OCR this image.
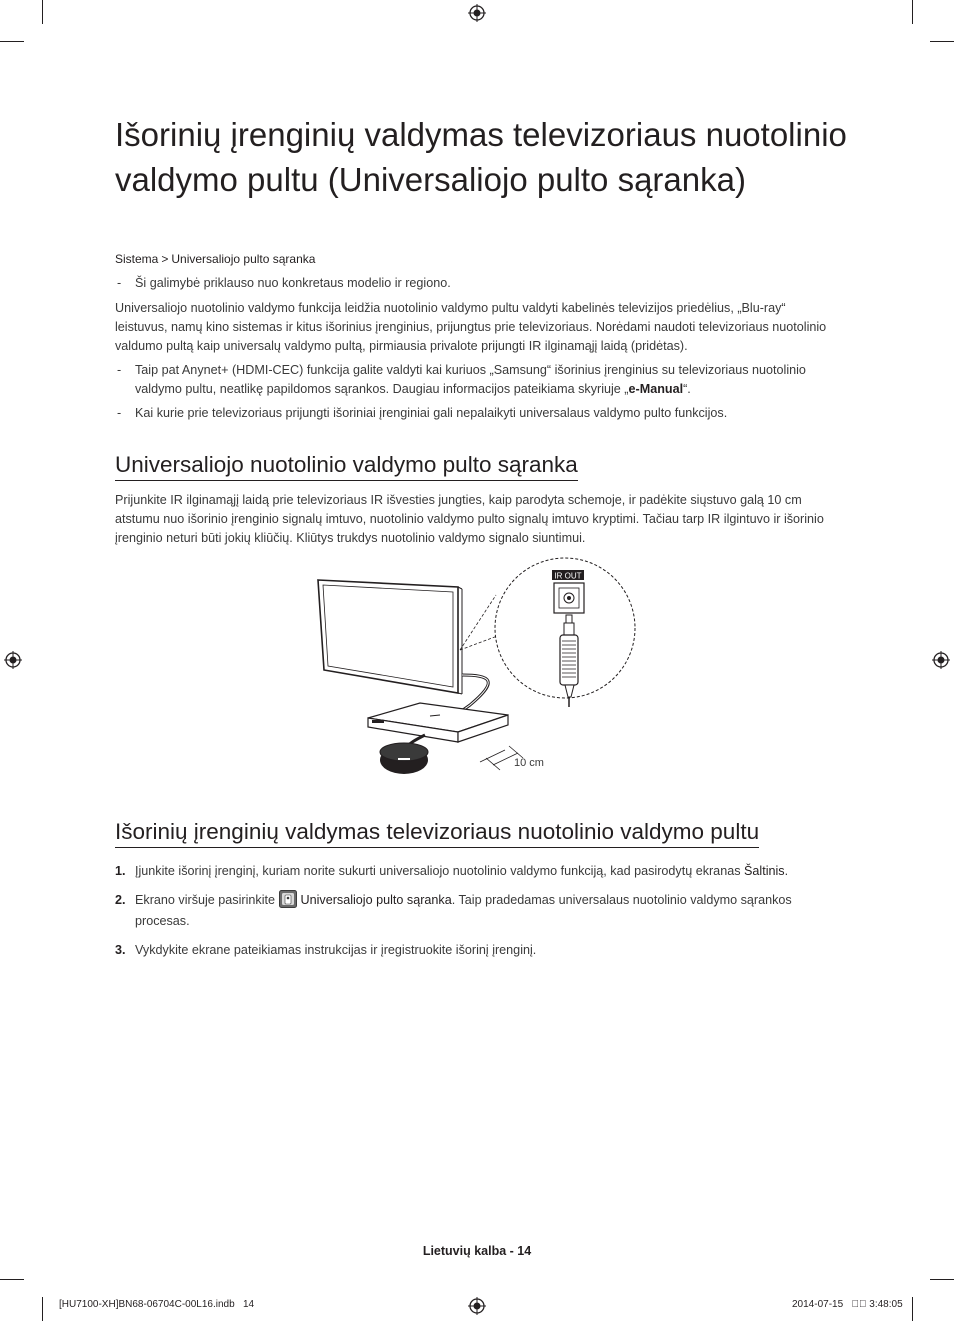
Išorinių įrenginių valdymas televizoriaus nuotolinio valdymo pultu (Universaliojo pulto sąranka)
Sistema > Universaliojo pulto sąranka
- Ši galimybė priklauso nuo konkretaus modelio ir regiono.
Universaliojo nuotolinio valdymo funkcija leidžia nuotolinio valdymo pultu valdyti kabelinės televizijos priedėlius, „Blu-ray“ leistuvus, namų kino sistemas ir kitus išorinius įrenginius, prijungtus prie televizoriaus. Norėdami naudoti televizoriaus nuotolinio valdumo pultą kaip universalų valdymo pultą, pirmiausia privalote prijungti IR ilginamąjį laidą (pridėtas).
- Taip pat Anynet+ (HDMI-CEC) funkcija galite valdyti kai kuriuos „Samsung“ išorinius įrenginius su televizoriaus nuotolinio valdymo pultu, neatlikę papildomos sąrankos. Daugiau informacijos pateikiama skyriuje „e-Manual“.
- Kai kurie prie televizoriaus prijungti išoriniai įrenginiai gali nepalaikyti universalaus valdymo pulto funkcijos.
Universaliojo nuotolinio valdymo pulto sąranka
Prijunkite IR ilginamąjį laidą prie televizoriaus IR išvesties jungties, kaip parodyta schemoje, ir padėkite siųstuvo galą 10 cm atstumu nuo išorinio įrenginio signalų imtuvo, nuotolinio valdymo pulto signalų imtuvo kryptimi. Tačiau tarp IR ilgintuvo ir išorinio įrenginio neturi būti jokių kliūčių. Kliūtys trukdys nuotolinio valdymo signalo siuntimui.
IR OUT
10 cm
Išorinių įrenginių valdymas televizoriaus nuotolinio valdymo pultu
1. Įjunkite išorinį įrenginį, kuriam norite sukurti universaliojo nuotolinio valdymo funkciją, kad pasirodytų ekranas Šaltinis.
2. Ekrano viršuje pasirinkite Universaliojo pulto sąranka. Taip pradedamas universalaus nuotolinio valdymo sąrankos procesas.
3. Vykdykite ekrane pateikiamas instrukcijas ir įregistruokite išorinį įrenginį.
Lietuvių kalba - 14
[HU7100-XH]BN68-06704C-00L16.indb   14	2014-07-15      3:48:05
